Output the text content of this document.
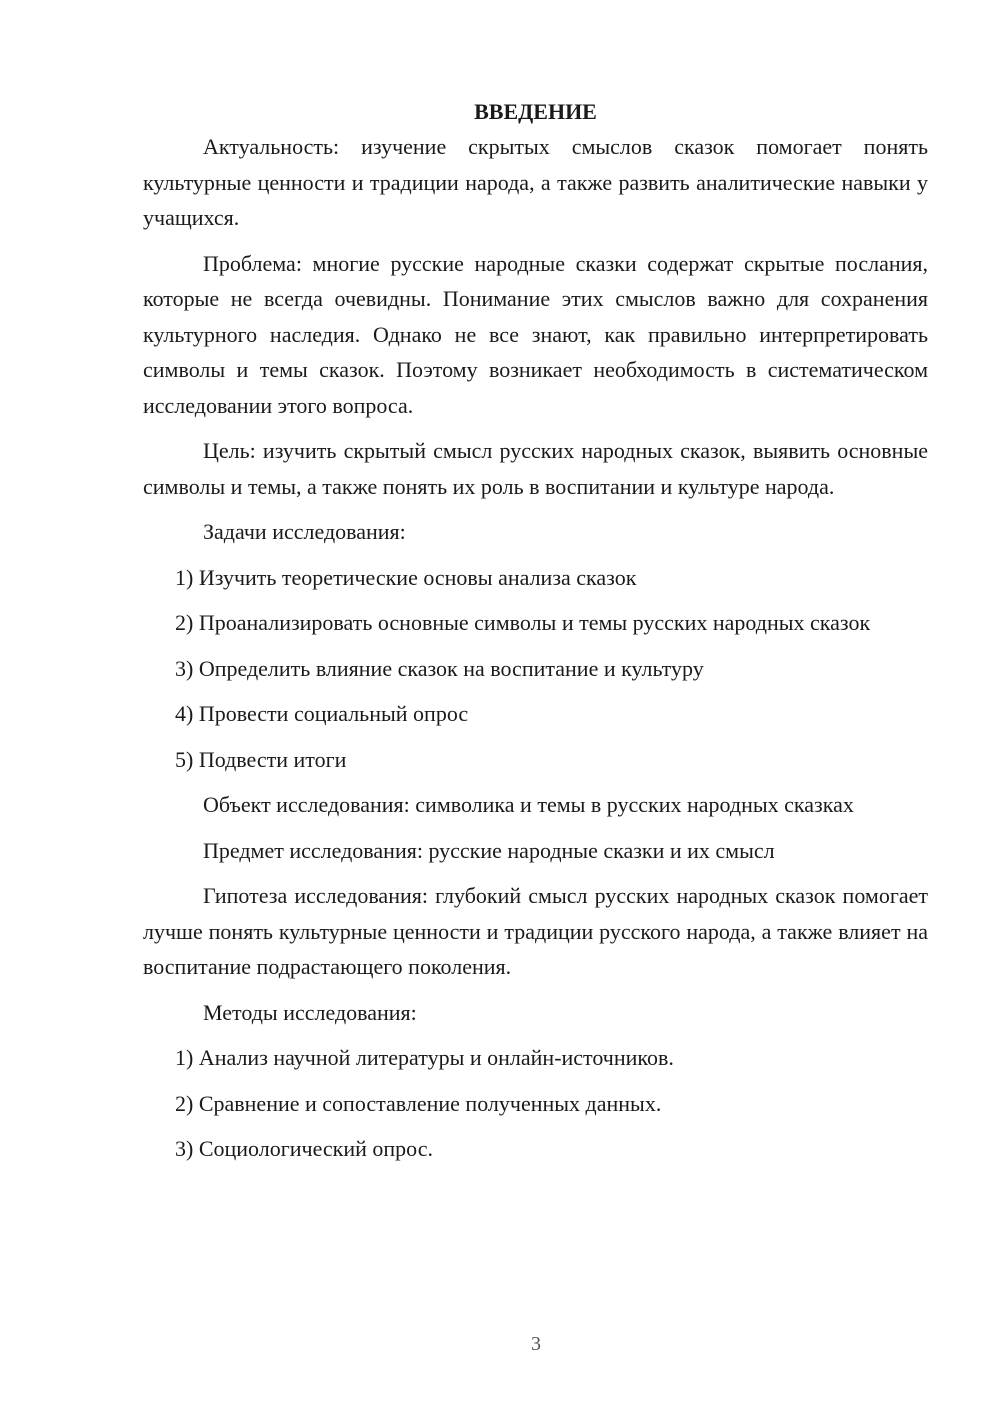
ВВЕДЕНИЕ

Актуальность: изучение скрытых смыслов сказок помогает понять культурные ценности и традиции народа, а также развить аналитические навыки у учащихся.

Проблема: многие русские народные сказки содержат скрытые послания, которые не всегда очевидны. Понимание этих смыслов важно для сохранения культурного наследия. Однако не все знают, как правильно интерпретировать символы и темы сказок. Поэтому возникает необходимость в систематическом исследовании этого вопроса.

Цель: изучить скрытый смысл русских народных сказок, выявить основные символы и темы, а также понять их роль в воспитании и культуре народа.

Задачи исследования:

1) Изучить теоретические основы анализа сказок

2) Проанализировать основные символы и темы русских народных сказок

3) Определить влияние сказок на воспитание и культуру

4) Провести социальный опрос

5) Подвести итоги

Объект исследования: символика и темы в русских народных сказках

Предмет исследования: русские народные сказки и их смысл

Гипотеза исследования: глубокий смысл русских народных сказок помогает лучше понять культурные ценности и традиции русского народа, а также влияет на воспитание подрастающего поколения.

Методы исследования:

1) Анализ научной литературы и онлайн-источников.

2) Сравнение и сопоставление полученных данных.

3) Социологический опрос.

3
